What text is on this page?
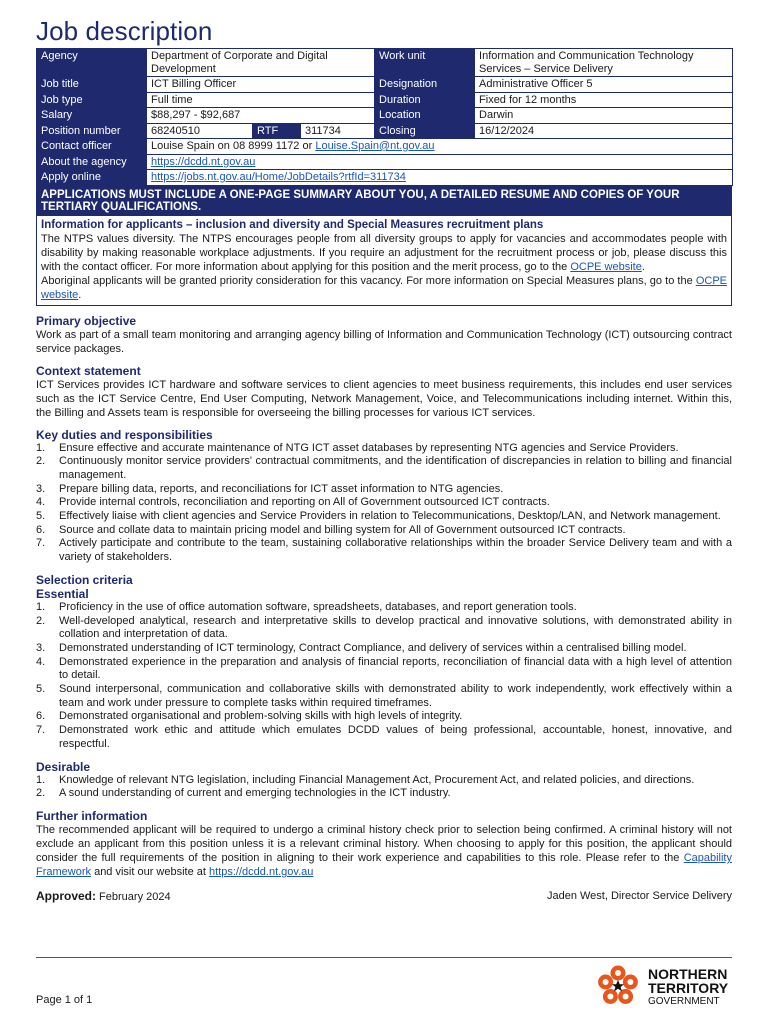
Job description
Agency	Department of Corporate and Digital Development			Work unit	Information and Communication Technology Services – Service Delivery
Job title	ICT Billing Officer			Designation	Administrative Officer 5
Job type	Full time			Duration	Fixed for 12 months
Salary	$88,297 - $92,687			Location	Darwin
Position number	68240510	RTF	311734	Closing	16/12/2024
Contact officer	Louise Spain on 08 8999 1172 or Louise.Spain@nt.gov.au				
About the agency	https://dcdd.nt.gov.au				
Apply online	https://jobs.nt.gov.au/Home/JobDetails?rtfId=311734				
APPLICATIONS MUST INCLUDE A ONE-PAGE SUMMARY ABOUT YOU, A DETAILED RESUME AND COPIES OF YOUR TERTIARY QUALIFICATIONS.
Information for applicants – inclusion and diversity and Special Measures recruitment plans

The NTPS values diversity. The NTPS encourages people from all diversity groups to apply for vacancies and accommodates people with disability by making reasonable workplace adjustments. If you require an adjustment for the recruitment process or job, please discuss this with the contact officer. For more information about applying for this position and the merit process, go to the OCPE website.

Aboriginal applicants will be granted priority consideration for this vacancy. For more information on Special Measures plans, go to the OCPE website.

Primary objective

Work as part of a small team monitoring and arranging agency billing of Information and Communication Technology (ICT) outsourcing contract service packages.

Context statement

ICT Services provides ICT hardware and software services to client agencies to meet business requirements, this includes end user services such as the ICT Service Centre, End User Computing, Network Management, Voice, and Telecommunications including internet. Within this, the Billing and Assets team is responsible for overseeing the billing processes for various ICT services.

Key duties and responsibilities
1. Ensure effective and accurate maintenance of NTG ICT asset databases by representing NTG agencies and Service Providers.
2. Continuously monitor service providers' contractual commitments, and the identification of discrepancies in relation to billing and financial management.
3. Prepare billing data, reports, and reconciliations for ICT asset information to NTG agencies.
4. Provide internal controls, reconciliation and reporting on All of Government outsourced ICT contracts.
5. Effectively liaise with client agencies and Service Providers in relation to Telecommunications, Desktop/LAN, and Network management.
6. Source and collate data to maintain pricing model and billing system for All of Government outsourced ICT contracts.
7. Actively participate and contribute to the team, sustaining collaborative relationships within the broader Service Delivery team and with a variety of stakeholders.
Selection criteria
Essential
1. Proficiency in the use of office automation software, spreadsheets, databases, and report generation tools.
2. Well-developed analytical, research and interpretative skills to develop practical and innovative solutions, with demonstrated ability in collation and interpretation of data.
3. Demonstrated understanding of ICT terminology, Contract Compliance, and delivery of services within a centralised billing model.
4. Demonstrated experience in the preparation and analysis of financial reports, reconciliation of financial data with a high level of attention to detail.
5. Sound interpersonal, communication and collaborative skills with demonstrated ability to work independently, work effectively within a team and work under pressure to complete tasks within required timeframes.
6. Demonstrated organisational and problem-solving skills with high levels of integrity.
7. Demonstrated work ethic and attitude which emulates DCDD values of being professional, accountable, honest, innovative, and respectful.
Desirable
1. Knowledge of relevant NTG legislation, including Financial Management Act, Procurement Act, and related policies, and directions.
2. A sound understanding of current and emerging technologies in the ICT industry.
Further information

The recommended applicant will be required to undergo a criminal history check prior to selection being confirmed. A criminal history will not exclude an applicant from this position unless it is a relevant criminal history. When choosing to apply for this position, the applicant should consider the full requirements of the position in aligning to their work experience and capabilities to this role. Please refer to the Capability Framework and visit our website at https://dcdd.nt.gov.au

Approved: February 2024	Jaden West, Director Service Delivery
Page 1 of 1
NORTHERN
TERRITORY
GOVERNMENT
